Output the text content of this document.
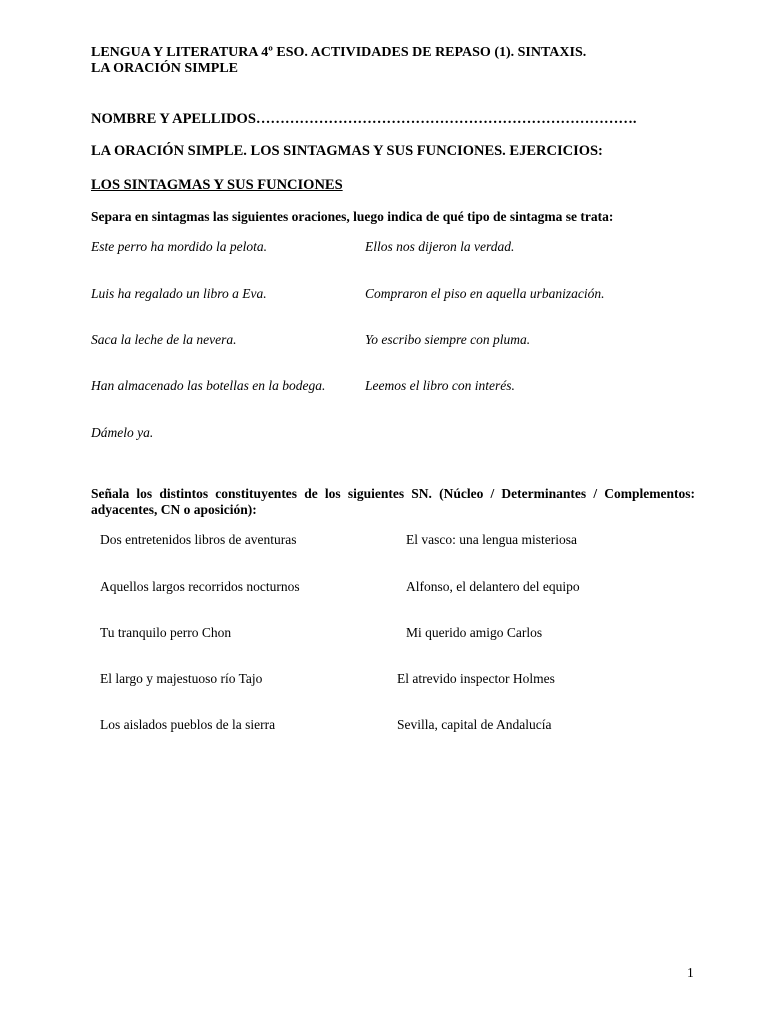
LENGUA Y LITERATURA 4º ESO. ACTIVIDADES DE REPASO (1). SINTAXIS.
LA ORACIÓN SIMPLE
NOMBRE Y APELLIDOS…………………………………………………………………….
LA ORACIÓN SIMPLE. LOS SINTAGMAS Y SUS FUNCIONES. EJERCICIOS:
LOS SINTAGMAS Y SUS FUNCIONES
Separa en sintagmas las siguientes oraciones, luego indica de qué tipo de sintagma se trata:
Este perro ha mordido la pelota.
Luis ha regalado un libro a Eva.
Saca la leche de la nevera.
Han almacenado las botellas en la bodega.
Dámelo ya.
Ellos nos dijeron la verdad.
Compraron el piso en aquella urbanización.
Yo escribo siempre con pluma.
Leemos el libro con interés.
Señala los distintos constituyentes de los siguientes SN. (Núcleo / Determinantes / Complementos: adyacentes, CN o aposición):
Dos entretenidos libros de aventuras
Aquellos largos recorridos nocturnos
Tu tranquilo perro Chon
El largo y majestuoso río Tajo
Los aislados pueblos de la sierra
El vasco: una lengua misteriosa
Alfonso, el delantero del equipo
Mi querido amigo Carlos
El atrevido inspector Holmes
Sevilla, capital de Andalucía
1
